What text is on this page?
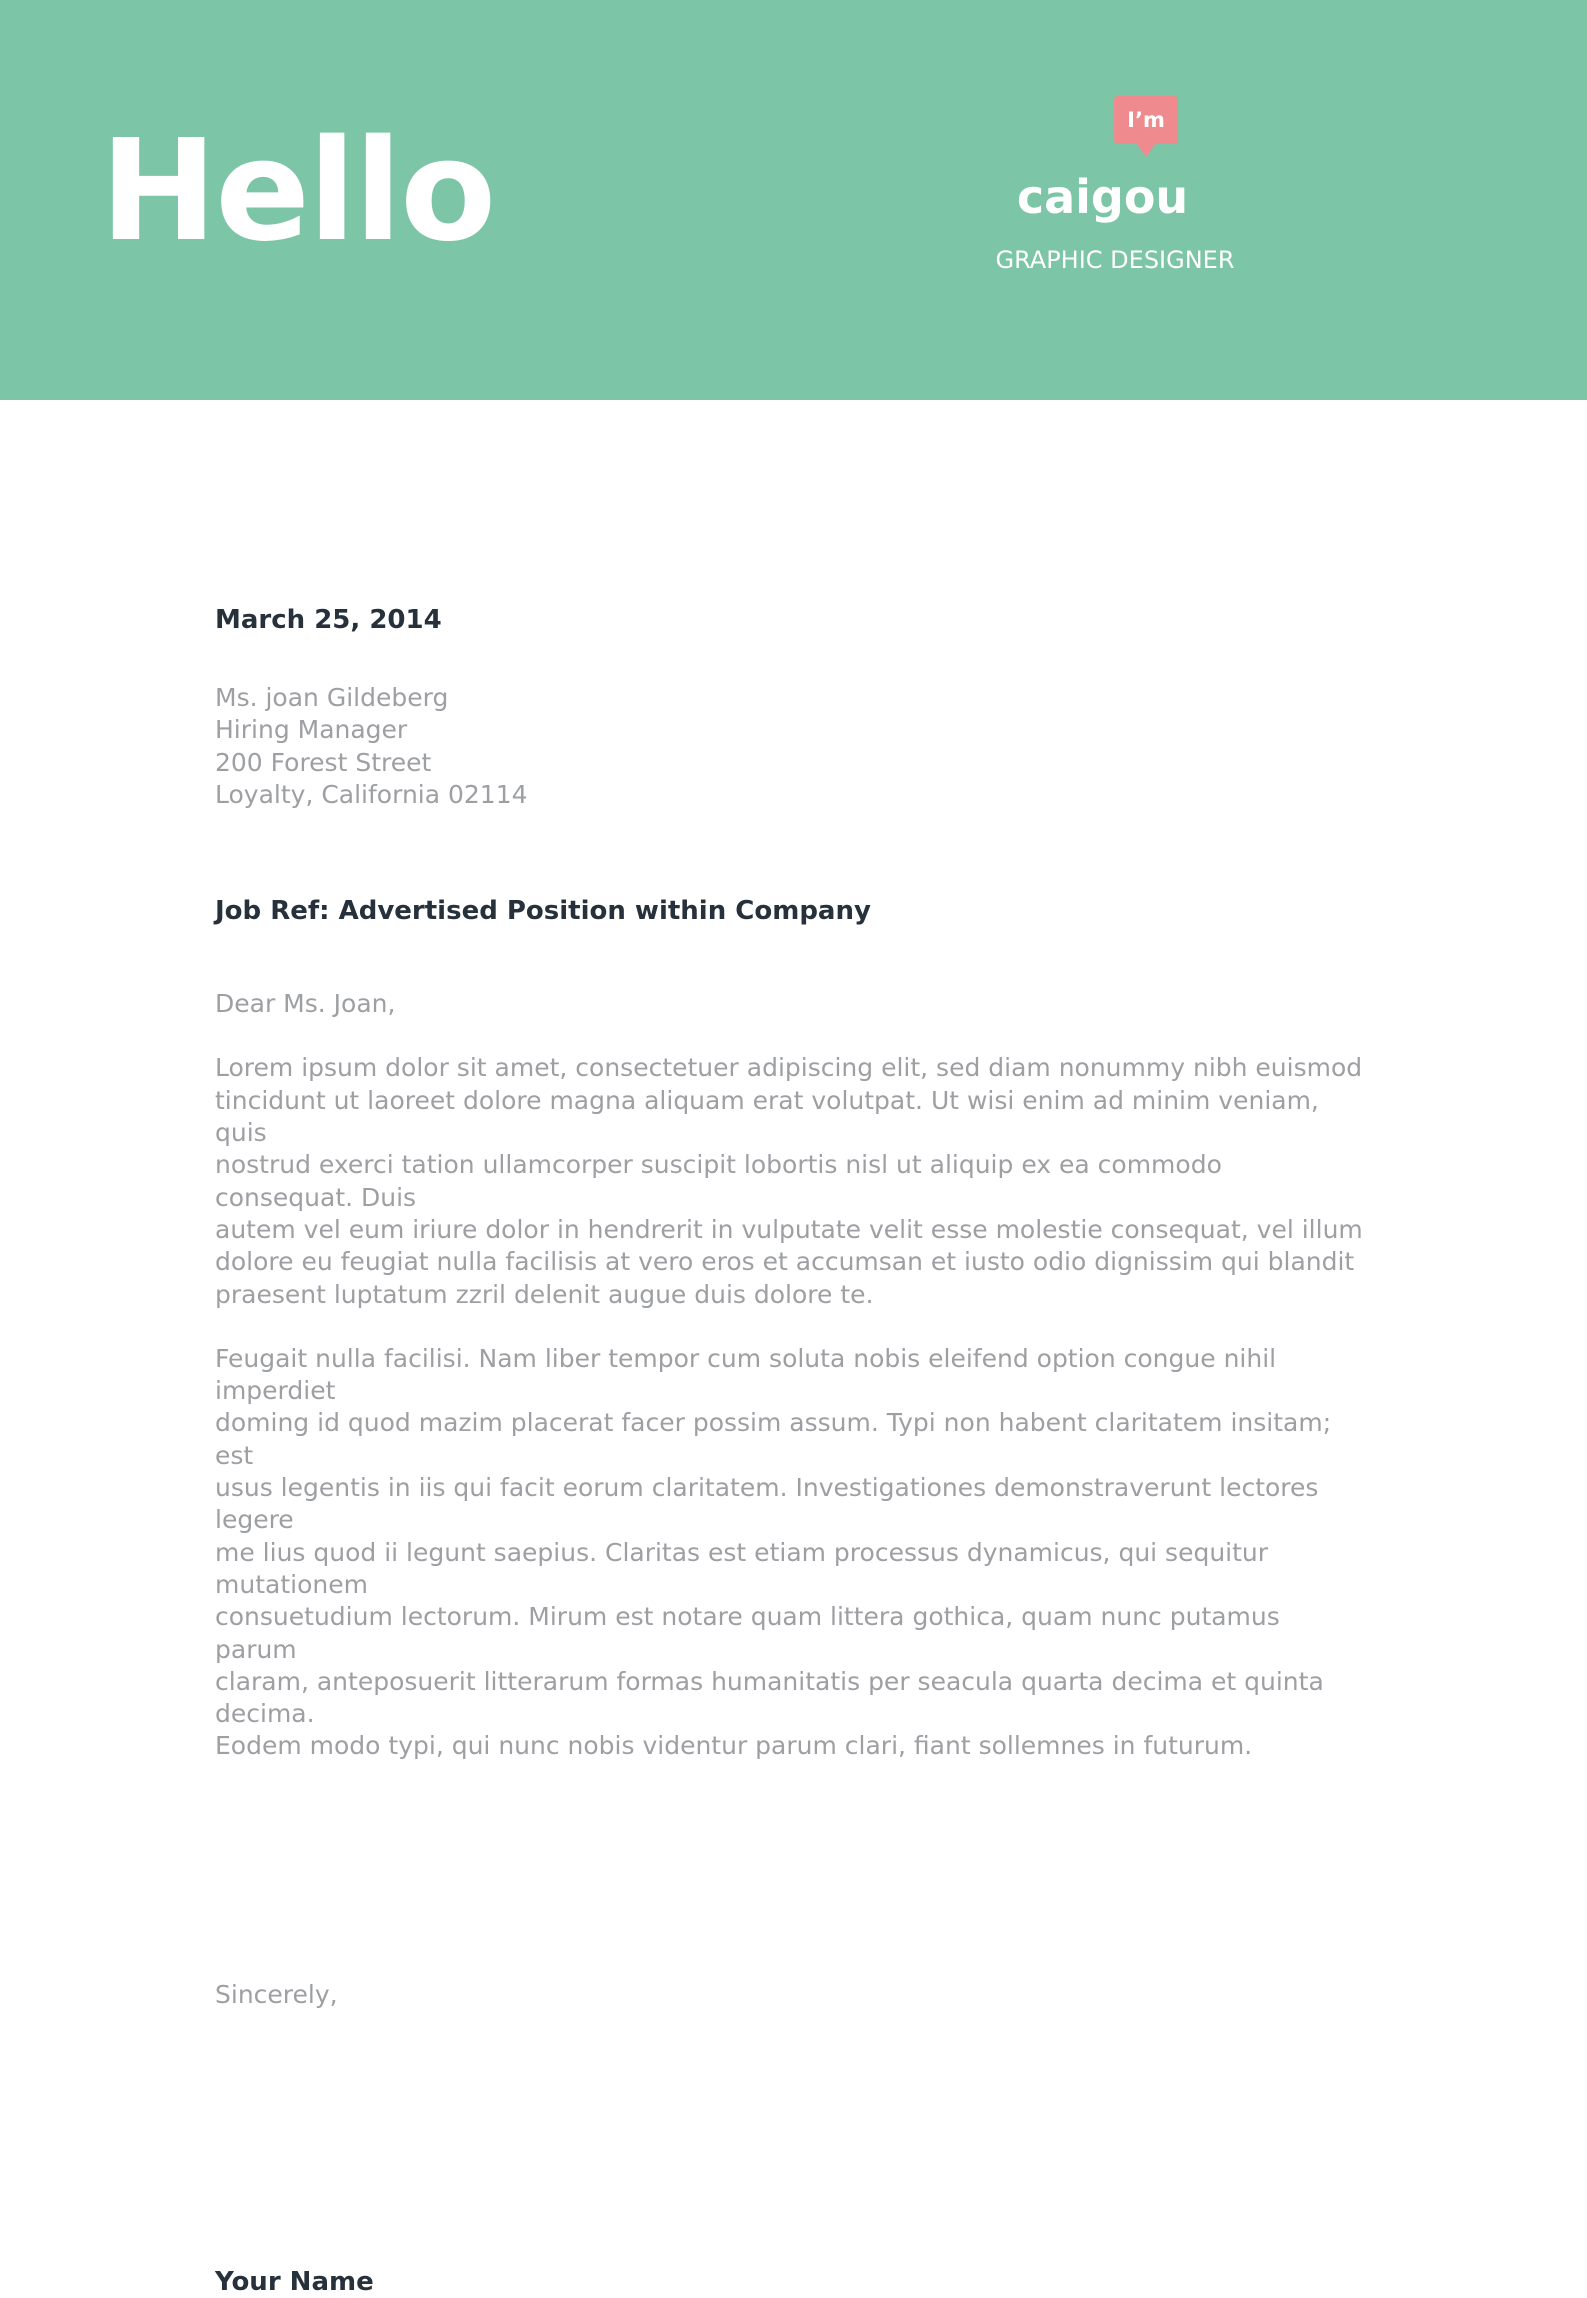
Hello	I’m
caigou
GRAPHIC DESIGNER

March 25, 2014

Ms. joan Gildeberg
Hiring Manager
200 Forest Street
Loyalty, California 02114

Job Ref: Advertised Position within Company

Dear Ms. Joan,

Lorem ipsum dolor sit amet, consectetuer adipiscing elit, sed diam nonummy nibh euismod
tincidunt ut laoreet dolore magna aliquam erat volutpat. Ut wisi enim ad minim veniam, quis
nostrud exerci tation ullamcorper suscipit lobortis nisl ut aliquip ex ea commodo consequat. Duis
autem vel eum iriure dolor in hendrerit in vulputate velit esse molestie consequat, vel illum
dolore eu feugiat nulla facilisis at vero eros et accumsan et iusto odio dignissim qui blandit
praesent luptatum zzril delenit augue duis dolore te.
Feugait nulla facilisi. Nam liber tempor cum soluta nobis eleifend option congue nihil imperdiet
doming id quod mazim placerat facer possim assum. Typi non habent claritatem insitam; est
usus legentis in iis qui facit eorum claritatem. Investigationes demonstraverunt lectores legere
me lius quod ii legunt saepius. Claritas est etiam processus dynamicus, qui sequitur mutationem
consuetudium lectorum. Mirum est notare quam littera gothica, quam nunc putamus parum
claram, anteposuerit litterarum formas humanitatis per seacula quarta decima et quinta decima.
Eodem modo typi, qui nunc nobis videntur parum clari, fiant sollemnes in futurum.

Sincerely,

Your Name
